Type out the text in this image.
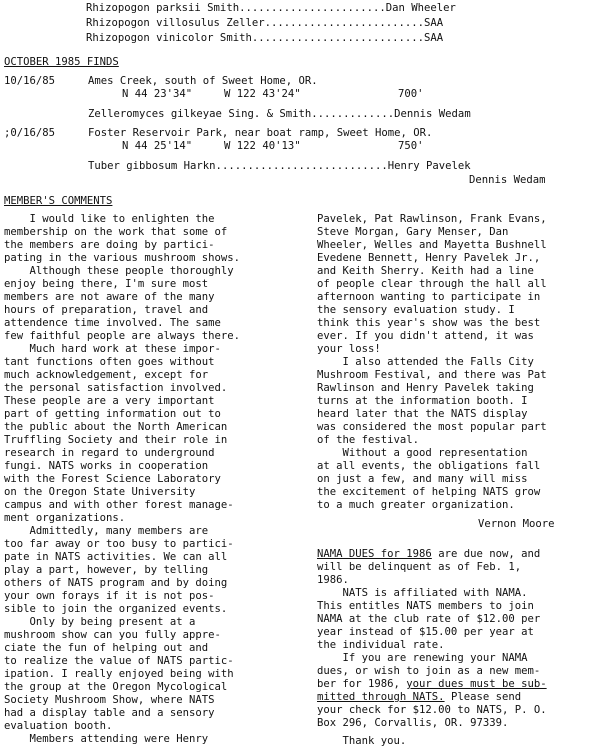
Rhizopogon parksii Smith.......................Dan Wheeler
Rhizopogon villosulus Zeller.........................SAA
Rhizopogon vinicolor Smith...........................SAA
OCTOBER 1985 FINDS
10/16/85	Ames Creek, south of Sweet Home, OR.
N 44 23'34"     W 122 43'24"	700'
Zelleromyces gilkeyae Sing. & Smith.............Dennis Wedam
;0/16/85	Foster Reservoir Park, near boat ramp, Sweet Home, OR.
N 44 25'14"     W 122 40'13"	750'
Tuber gibbosum Harkn...........................Henry Pavelek
Dennis Wedam
MEMBER'S COMMENTS
I would like to enlighten the
membership on the work that some of
the members are doing by partici-
pating in the various mushroom shows.
Although these people thoroughly
enjoy being there, I'm sure most
members are not aware of the many
hours of preparation, travel and
attendence time involved. The same
few faithful people are always there.
Much hard work at these impor-
tant functions often goes without
much acknowledgement, except for
the personal satisfaction involved.
These people are a very important
part of getting information out to
the public about the North American
Truffling Society and their role in
research in regard to underground
fungi. NATS works in cooperation
with the Forest Science Laboratory
on the Oregon State University
campus and with other forest manage-
ment organizations.
Admittedly, many members are
too far away or too busy to partici-
pate in NATS activities. We can all
play a part, however, by telling
others of NATS program and by doing
your own forays if it is not pos-
sible to join the organized events.
Only by being present at a
mushroom show can you fully appre-
ciate the fun of helping out and
to realize the value of NATS partic-
ipation. I really enjoyed being with
the group at the Oregon Mycological
Society Mushroom Show, where NATS
had a display table and a sensory
evaluation booth.
Members attending were Henry
Pavelek, Pat Rawlinson, Frank Evans,
Steve Morgan, Gary Menser, Dan
Wheeler, Welles and Mayetta Bushnell
Evedene Bennett, Henry Pavelek Jr.,
and Keith Sherry. Keith had a line
of people clear through the hall all
afternoon wanting to participate in
the sensory evaluation study. I
think this year's show was the best
ever. If you didn't attend, it was
your loss!
I also attended the Falls City
Mushroom Festival, and there was Pat
Rawlinson and Henry Pavelek taking
turns at the information booth. I
heard later that the NATS display
was considered the most popular part
of the festival.
Without a good representation
at all events, the obligations fall
on just a few, and many will miss
the excitement of helping NATS grow
to a much greater organization.
Vernon Moore
NAMA DUES for 1986 are due now, and
will be delinquent as of Feb. 1,
1986.
NATS is affiliated with NAMA.
This entitles NATS members to join
NAMA at the club rate of $12.00 per
year instead of $15.00 per year at
the individual rate.
If you are renewing your NAMA
dues, or wish to join as a new mem-
ber for 1986, your dues must be sub-
mitted through NATS. Please send
your check for $12.00 to NATS, P. O.
Box 296, Corvallis, OR. 97339.
Thank you.
